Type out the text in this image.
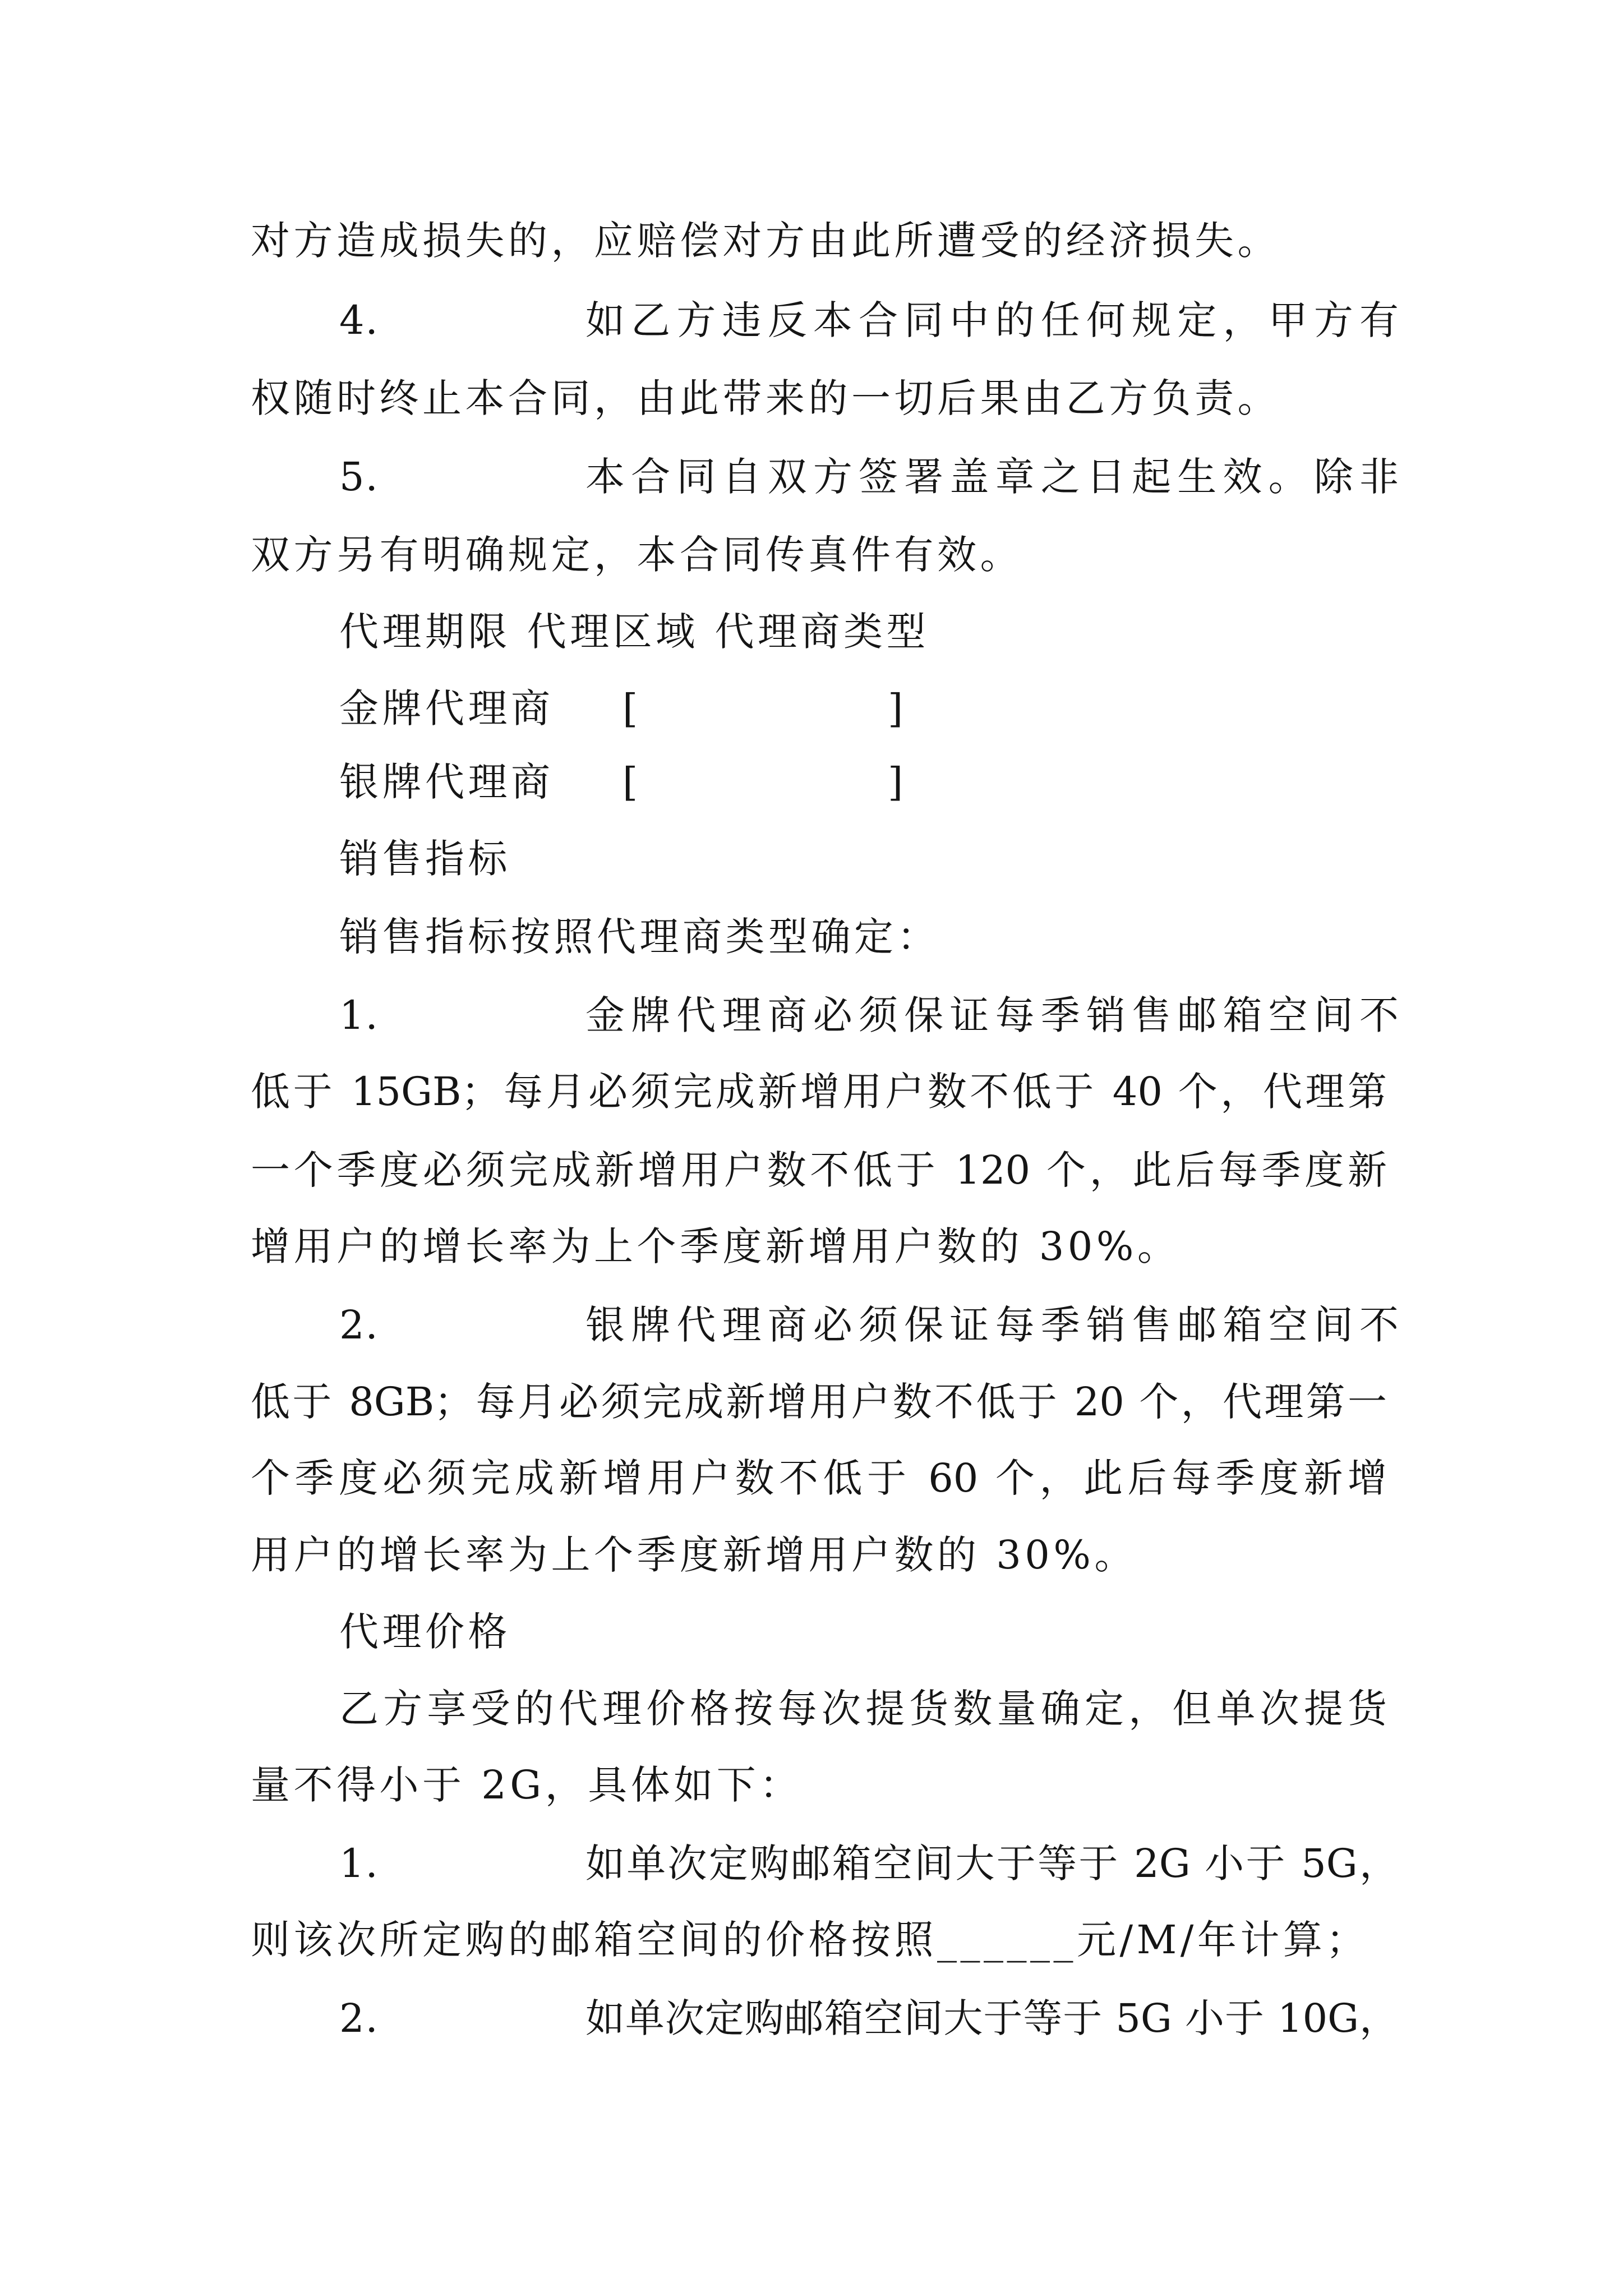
对方造成损失的，应赔偿对方由此所遭受的经济损失。
4.	如乙方违反本合同中的任何规定，甲方有
权随时终止本合同，由此带来的一切后果由乙方负责。
5.	本合同自双方签署盖章之日起生效。除非
双方另有明确规定，本合同传真件有效。
代理期限 代理区域 代理商类型
金牌代理商	[	]
银牌代理商	[	]
销售指标
销售指标按照代理商类型确定：
1.	金牌代理商必须保证每季销售邮箱空间不
低于 15GB；每月必须完成新增用户数不低于 40 个，代理第
一个季度必须完成新增用户数不低于 120 个，此后每季度新
增用户的增长率为上个季度新增用户数的 30%。
2.	银牌代理商必须保证每季销售邮箱空间不
低于 8GB；每月必须完成新增用户数不低于 20 个，代理第一
个季度必须完成新增用户数不低于 60 个，此后每季度新增
用户的增长率为上个季度新增用户数的 30%。
代理价格
乙方享受的代理价格按每次提货数量确定，但单次提货
量不得小于 2G，具体如下：
1.	如单次定购邮箱空间大于等于 2G 小于 5G，
则该次所定购的邮箱空间的价格按照______元/M/年计算；
2.	如单次定购邮箱空间大于等于 5G 小于 10G，
